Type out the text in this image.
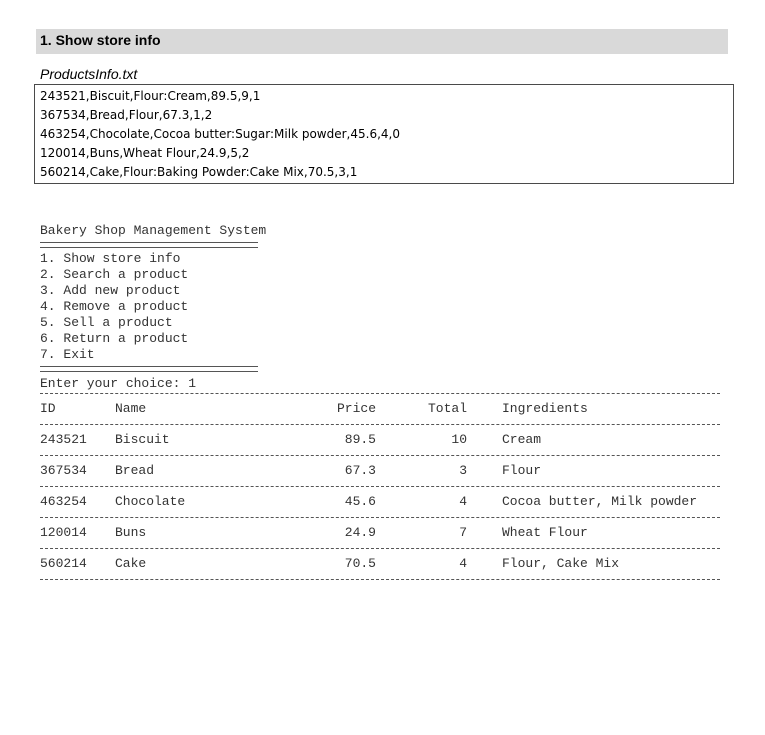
1. Show store info
ProductsInfo.txt
243521,Biscuit,Flour:Cream,89.5,9,1
367534,Bread,Flour,67.3,1,2
463254,Chocolate,Cocoa butter:Sugar:Milk powder,45.6,4,0
120014,Buns,Wheat Flour,24.9,5,2
560214,Cake,Flour:Baking Powder:Cake Mix,70.5,3,1
Bakery Shop Management System
1. Show store info
2. Search a product
3. Add new product
4. Remove a product
5. Sell a product
6. Return a product
7. Exit
Enter your choice: 1
ID	Name	Price	Total	Ingredients
243521 Biscuit	89.5	10	Cream
367534 Bread	67.3	3	Flour
463254 Chocolate	45.6	4	Cocoa butter, Milk powder
120014 Buns	24.9	7	Wheat Flour
560214 Cake	70.5	4	Flour, Cake Mix
